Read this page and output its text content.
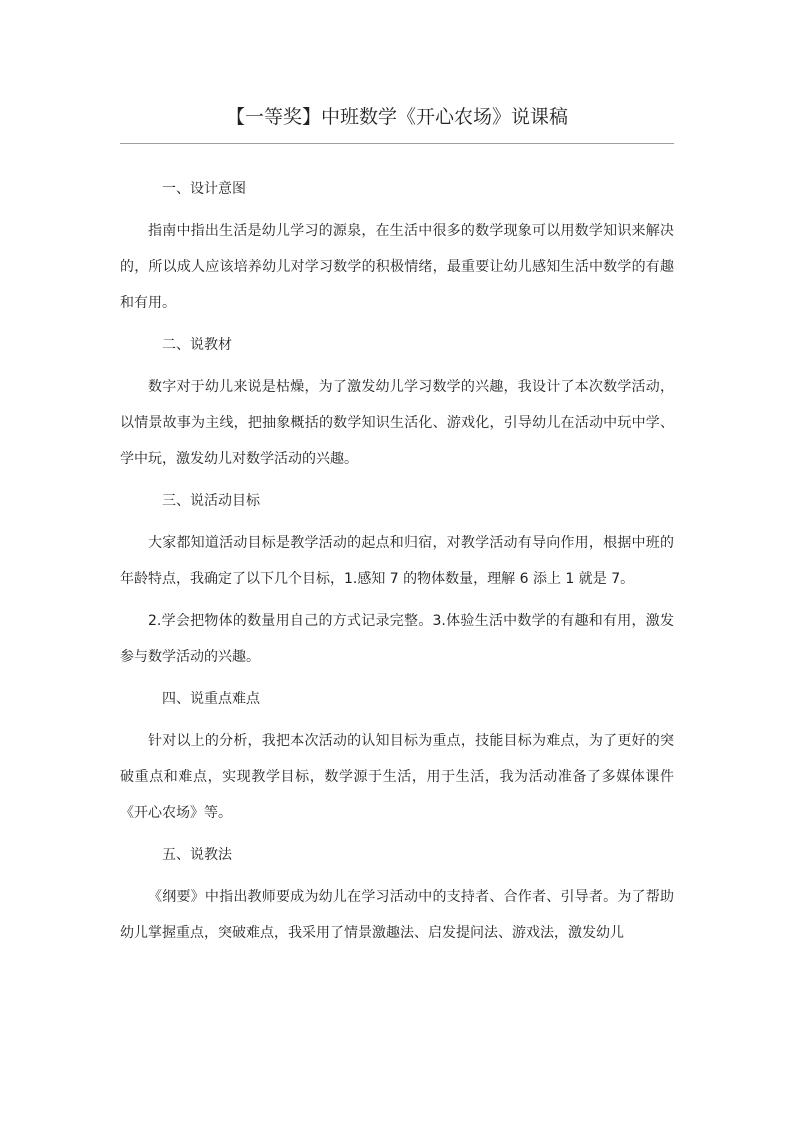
【一等奖】中班数学《开心农场》说课稿

一、设计意图

指南中指出生活是幼儿学习的源泉，在生活中很多的数学现象可以用数学知识来解决的，所以成人应该培养幼儿对学习数学的积极情绪，最重要让幼儿感知生活中数学的有趣和有用。

二、说教材

数字对于幼儿来说是枯燥，为了激发幼儿学习数学的兴趣，我设计了本次数学活动，以情景故事为主线，把抽象概括的数学知识生活化、游戏化，引导幼儿在活动中玩中学、学中玩，激发幼儿对数学活动的兴趣。

三、说活动目标

大家都知道活动目标是教学活动的起点和归宿，对教学活动有导向作用，根据中班的年龄特点，我确定了以下几个目标，1.感知 7 的物体数量，理解 6 添上 1 就是 7。

2.学会把物体的数量用自己的方式记录完整。3.体验生活中数学的有趣和有用，激发参与数学活动的兴趣。

四、说重点难点

针对以上的分析，我把本次活动的认知目标为重点，技能目标为难点，为了更好的突破重点和难点，实现教学目标，数学源于生活，用于生活，我为活动准备了多媒体课件《开心农场》等。

五、说教法

《纲要》中指出教师要成为幼儿在学习活动中的支持者、合作者、引导者。为了帮助幼儿掌握重点，突破难点，我采用了情景激趣法、启发提问法、游戏法，激发幼儿
